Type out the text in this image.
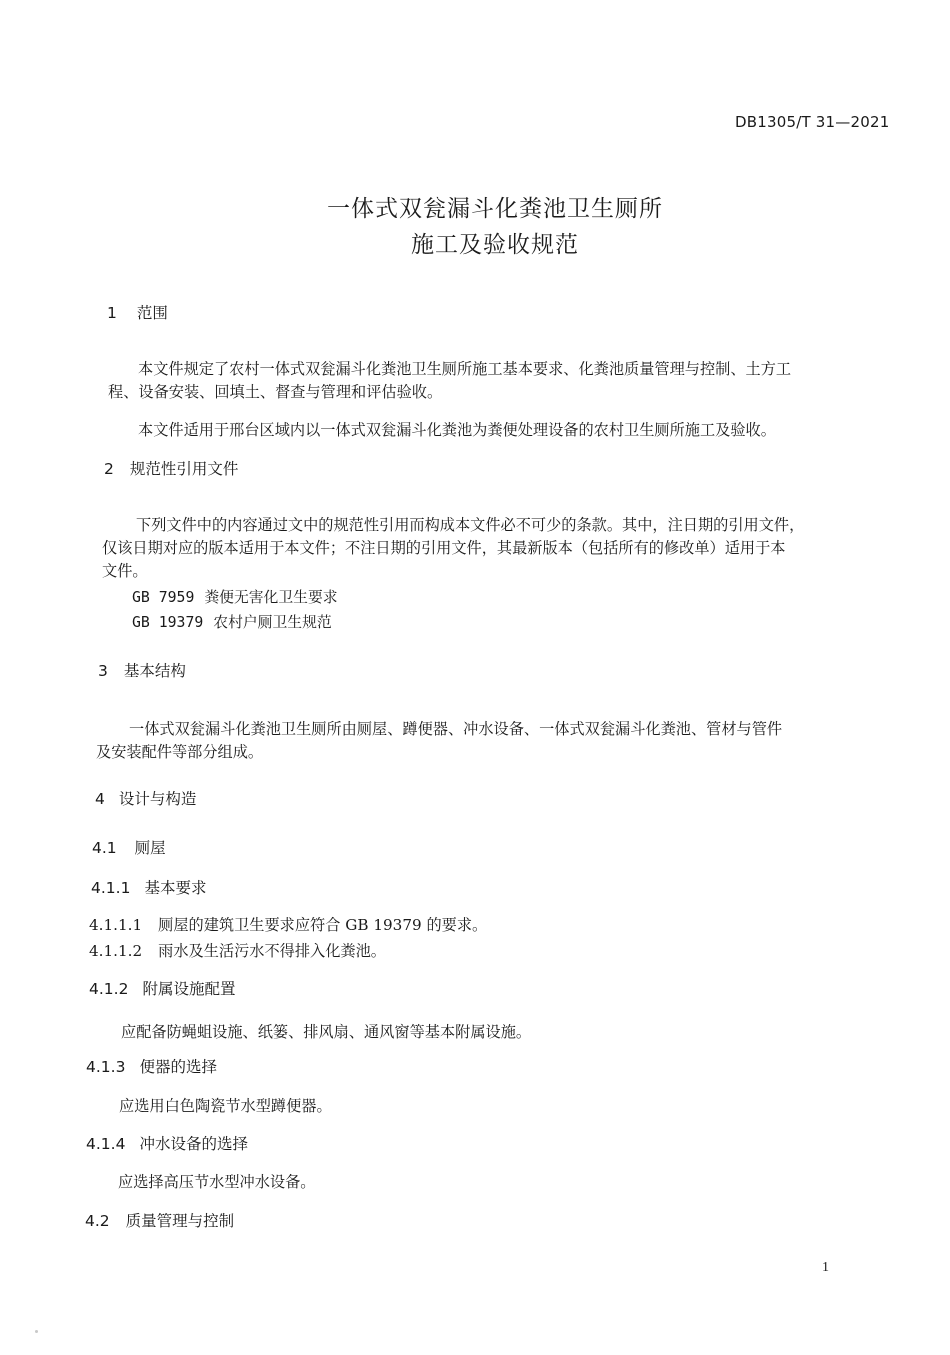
DB1305/T 31—2021
一体式双瓮漏斗化粪池卫生厕所
施工及验收规范
1 范围
本文件规定了农村一体式双瓮漏斗化粪池卫生厕所施工基本要求、化粪池质量管理与控制、土方工
程、设备安装、回填土、督查与管理和评估验收。
本文件适用于邢台区域内以一体式双瓮漏斗化粪池为粪便处理设备的农村卫生厕所施工及验收。
2 规范性引用文件
下列文件中的内容通过文中的规范性引用而构成本文件必不可少的条款。其中，注日期的引用文件，
仅该日期对应的版本适用于本文件；不注日期的引用文件，其最新版本（包括所有的修改单）适用于本
文件。
GB 7959 粪便无害化卫生要求
GB 19379 农村户厕卫生规范
3 基本结构
一体式双瓮漏斗化粪池卫生厕所由厕屋、蹲便器、冲水设备、一体式双瓮漏斗化粪池、管材与管件
及安装配件等部分组成。
4 设计与构造
4.1 厕屋
4.1.1 基本要求
4.1.1.1 厕屋的建筑卫生要求应符合 GB 19379 的要求。
4.1.1.2 雨水及生活污水不得排入化粪池。
4.1.2 附属设施配置
应配备防蝇蛆设施、纸篓、排风扇、通风窗等基本附属设施。
4.1.3 便器的选择
应选用白色陶瓷节水型蹲便器。
4.1.4 冲水设备的选择
应选择高压节水型冲水设备。
4.2 质量管理与控制
1
